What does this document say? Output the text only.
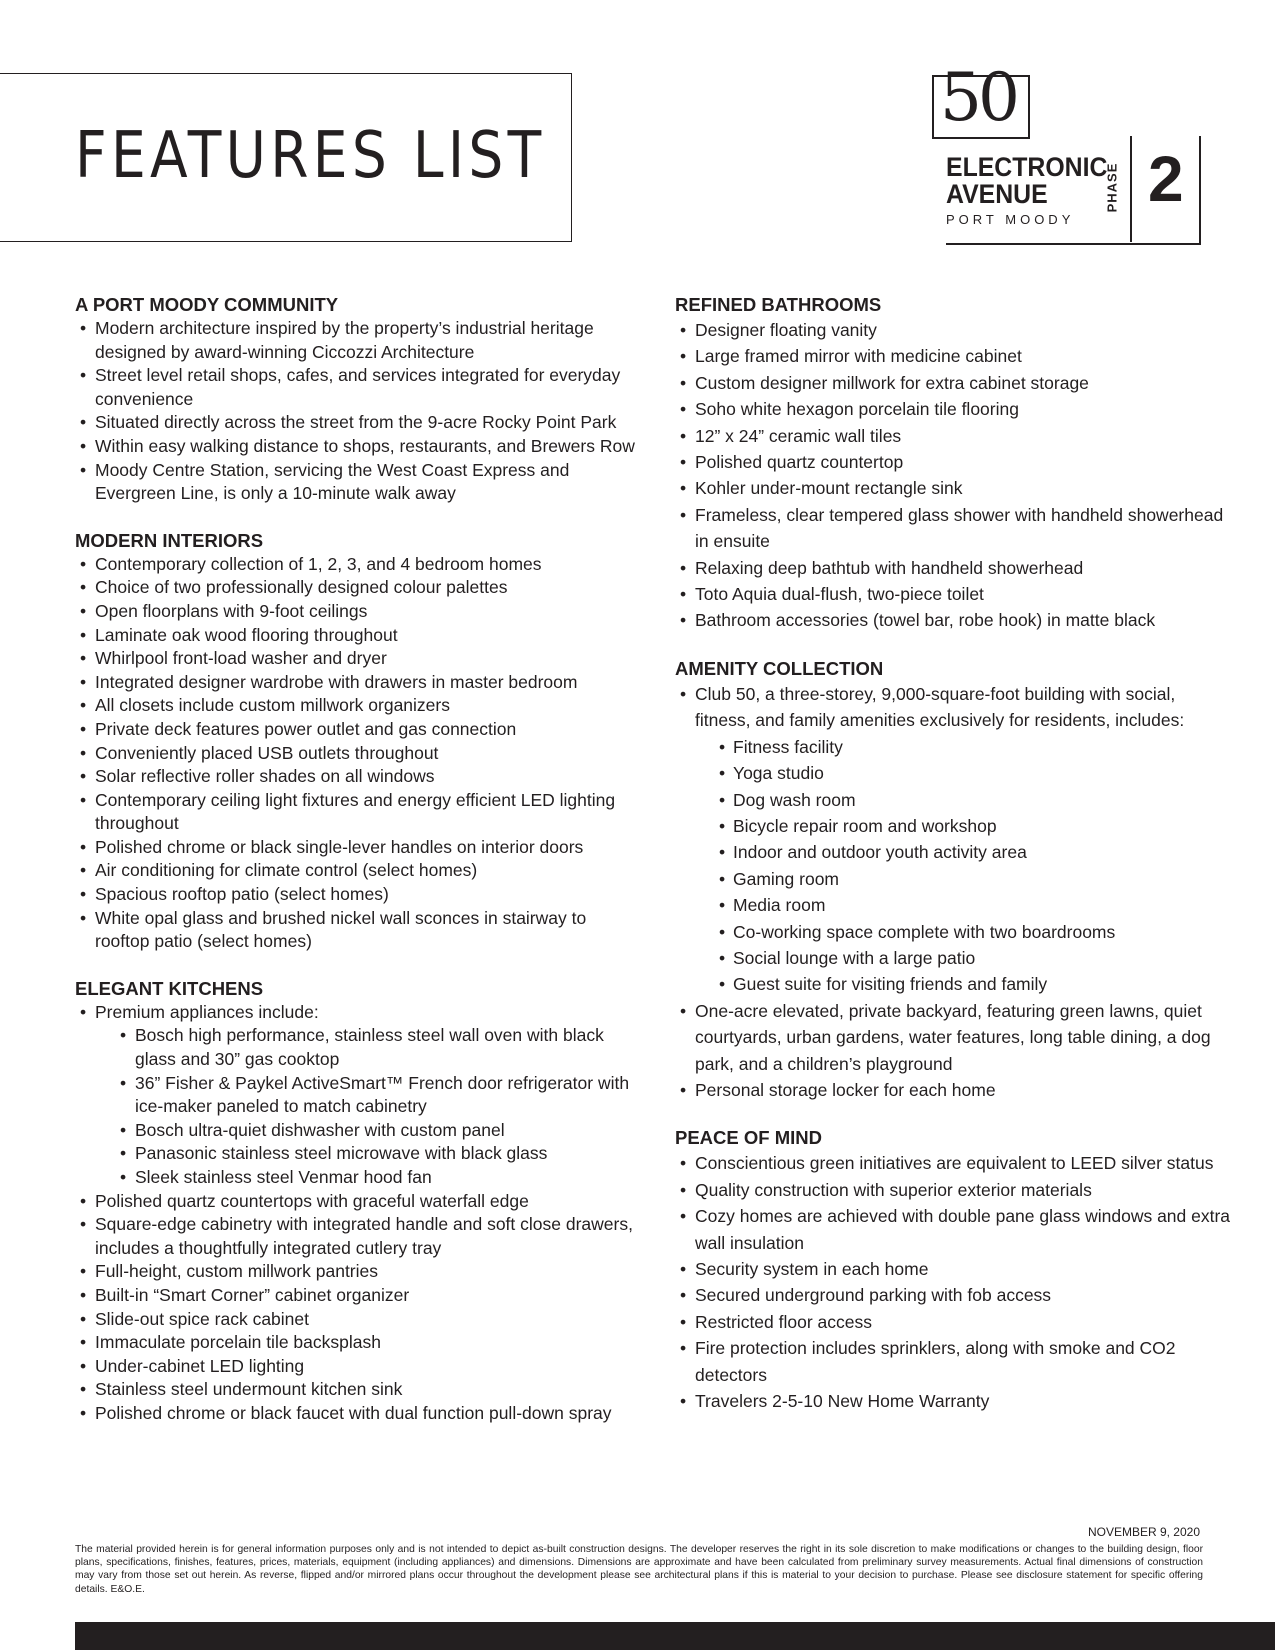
FEATURES LIST
50
ELECTRONIC
AVENUE
PORT MOODY
PHASE 2
A PORT MOODY COMMUNITY
• Modern architecture inspired by the property’s industrial heritage designed by award-winning Ciccozzi Architecture
• Street level retail shops, cafes, and services integrated for everyday convenience
• Situated directly across the street from the 9-acre Rocky Point Park
• Within easy walking distance to shops, restaurants, and Brewers Row
• Moody Centre Station, servicing the West Coast Express and Evergreen Line, is only a 10-minute walk away
MODERN INTERIORS
• Contemporary collection of 1, 2, 3, and 4 bedroom homes
• Choice of two professionally designed colour palettes
• Open floorplans with 9-foot ceilings
• Laminate oak wood flooring throughout
• Whirlpool front-load washer and dryer
• Integrated designer wardrobe with drawers in master bedroom
• All closets include custom millwork organizers
• Private deck features power outlet and gas connection
• Conveniently placed USB outlets throughout
• Solar reflective roller shades on all windows
• Contemporary ceiling light fixtures and energy efficient LED lighting throughout
• Polished chrome or black single-lever handles on interior doors
• Air conditioning for climate control (select homes)
• Spacious rooftop patio (select homes)
• White opal glass and brushed nickel wall sconces in stairway to rooftop patio (select homes)
ELEGANT KITCHENS
• Premium appliances include:
• Bosch high performance, stainless steel wall oven with black glass and 30” gas cooktop
• 36” Fisher & Paykel ActiveSmart™ French door refrigerator with ice-maker paneled to match cabinetry
• Bosch ultra-quiet dishwasher with custom panel
• Panasonic stainless steel microwave with black glass
• Sleek stainless steel Venmar hood fan
• Polished quartz countertops with graceful waterfall edge
• Square-edge cabinetry with integrated handle and soft close drawers, includes a thoughtfully integrated cutlery tray
• Full-height, custom millwork pantries
• Built-in “Smart Corner” cabinet organizer
• Slide-out spice rack cabinet
• Immaculate porcelain tile backsplash
• Under-cabinet LED lighting
• Stainless steel undermount kitchen sink
• Polished chrome or black faucet with dual function pull-down spray
REFINED BATHROOMS
• Designer floating vanity
• Large framed mirror with medicine cabinet
• Custom designer millwork for extra cabinet storage
• Soho white hexagon porcelain tile flooring
• 12” x 24” ceramic wall tiles
• Polished quartz countertop
• Kohler under-mount rectangle sink
• Frameless, clear tempered glass shower with handheld showerhead in ensuite
• Relaxing deep bathtub with handheld showerhead
• Toto Aquia dual-flush, two-piece toilet
• Bathroom accessories (towel bar, robe hook) in matte black
AMENITY COLLECTION
• Club 50, a three-storey, 9,000-square-foot building with social, fitness, and family amenities exclusively for residents, includes:
• Fitness facility
• Yoga studio
• Dog wash room
• Bicycle repair room and workshop
• Indoor and outdoor youth activity area
• Gaming room
• Media room
• Co-working space complete with two boardrooms
• Social lounge with a large patio
• Guest suite for visiting friends and family
• One-acre elevated, private backyard, featuring green lawns, quiet courtyards, urban gardens, water features, long table dining, a dog park, and a children’s playground
• Personal storage locker for each home
PEACE OF MIND
• Conscientious green initiatives are equivalent to LEED silver status
• Quality construction with superior exterior materials
• Cozy homes are achieved with double pane glass windows and extra wall insulation
• Security system in each home
• Secured underground parking with fob access
• Restricted floor access
• Fire protection includes sprinklers, along with smoke and CO2 detectors
• Travelers 2-5-10 New Home Warranty
NOVEMBER 9, 2020
The material provided herein is for general information purposes only and is not intended to depict as-built construction designs. The developer reserves the right in its sole discretion to make modifications or changes to the building design, floor plans, specifications, finishes, features, prices, materials, equipment (including appliances) and dimensions. Dimensions are approximate and have been calculated from preliminary survey measurements. Actual final dimensions of construction may vary from those set out herein. As reverse, flipped and/or mirrored plans occur throughout the development please see architectural plans if this is material to your decision to purchase. Please see disclosure statement for specific offering details. E&O.E.
